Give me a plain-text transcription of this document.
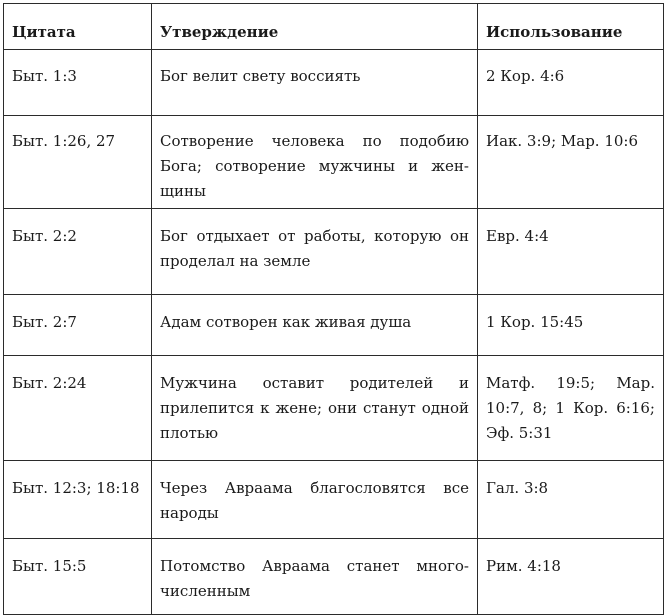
Цитата	Утверждение	Использование
Быт. 1:3	Бог велит свету воссиять	2 Кор. 4:6
Быт. 1:26, 27	Сотворение человека по подобию Бога; сотворение мужчины и женщины	Иак. 3:9; Мар. 10:6
Быт. 2:2	Бог отдыхает от работы, которую он проделал на земле	Евр. 4:4
Быт. 2:7	Адам сотворен как живая душа	1 Кор. 15:45
Быт. 2:24	Мужчина оставит родителей и прилепится к жене; они станут одной плотью	Матф. 19:5; Мар. 10:7, 8; 1 Кор. 6:16; Эф. 5:31
Быт. 12:3; 18:18	Через Авраама благословятся все народы	Гал. 3:8
Быт. 15:5	Потомство Авраама станет многочисленным	Рим. 4:18
